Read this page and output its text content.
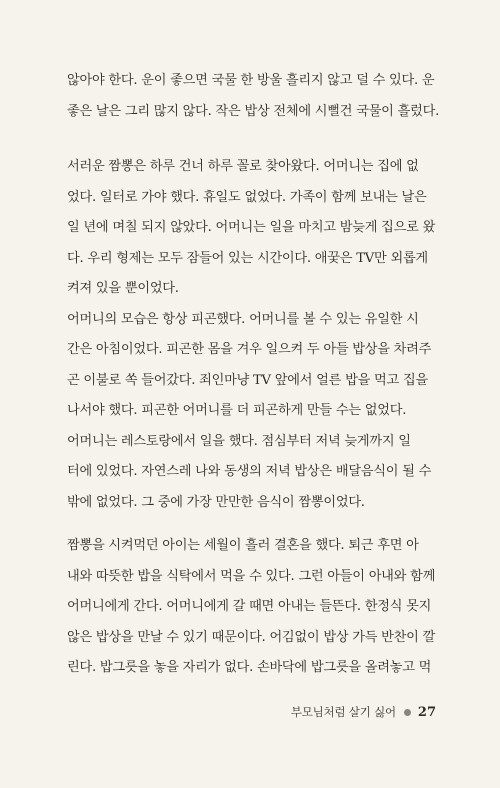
않아야 한다. 운이 좋으면 국물 한 방울 흘리지 않고 덜 수 있다. 운
좋은 날은 그리 많지 않다. 작은 밥상 전체에 시뻘건 국물이 흘렀다.
서러운 짬뽕은 하루 건너 하루 꼴로 찾아왔다. 어머니는 집에 없
었다. 일터로 가야 했다. 휴일도 없었다. 가족이 함께 보내는 날은
일 년에 며칠 되지 않았다. 어머니는 일을 마치고 밤늦게 집으로 왔
다. 우리 형제는 모두 잠들어 있는 시간이다. 애꿎은 TV만 외롭게
켜져 있을 뿐이었다.
어머니의 모습은 항상 피곤했다. 어머니를 볼 수 있는 유일한 시
간은 아침이었다. 피곤한 몸을 겨우 일으켜 두 아들 밥상을 차려주
곤 이불로 쏙 들어갔다. 죄인마냥 TV 앞에서 얼른 밥을 먹고 집을
나서야 했다. 피곤한 어머니를 더 피곤하게 만들 수는 없었다.
어머니는 레스토랑에서 일을 했다. 점심부터 저녁 늦게까지 일
터에 있었다. 자연스레 나와 동생의 저녁 밥상은 배달음식이 될 수
밖에 없었다. 그 중에 가장 만만한 음식이 짬뽕이었다.
짬뽕을 시켜먹던 아이는 세월이 흘러 결혼을 했다. 퇴근 후면 아
내와 따뜻한 밥을 식탁에서 먹을 수 있다. 그런 아들이 아내와 함께
어머니에게 간다. 어머니에게 갈 때면 아내는 들뜬다. 한정식 못지
않은 밥상을 만날 수 있기 때문이다. 어김없이 밥상 가득 반찬이 깔
린다. 밥그릇을 놓을 자리가 없다. 손바닥에 밥그릇을 올려놓고 먹
부모님처럼 살기 싫어 27
